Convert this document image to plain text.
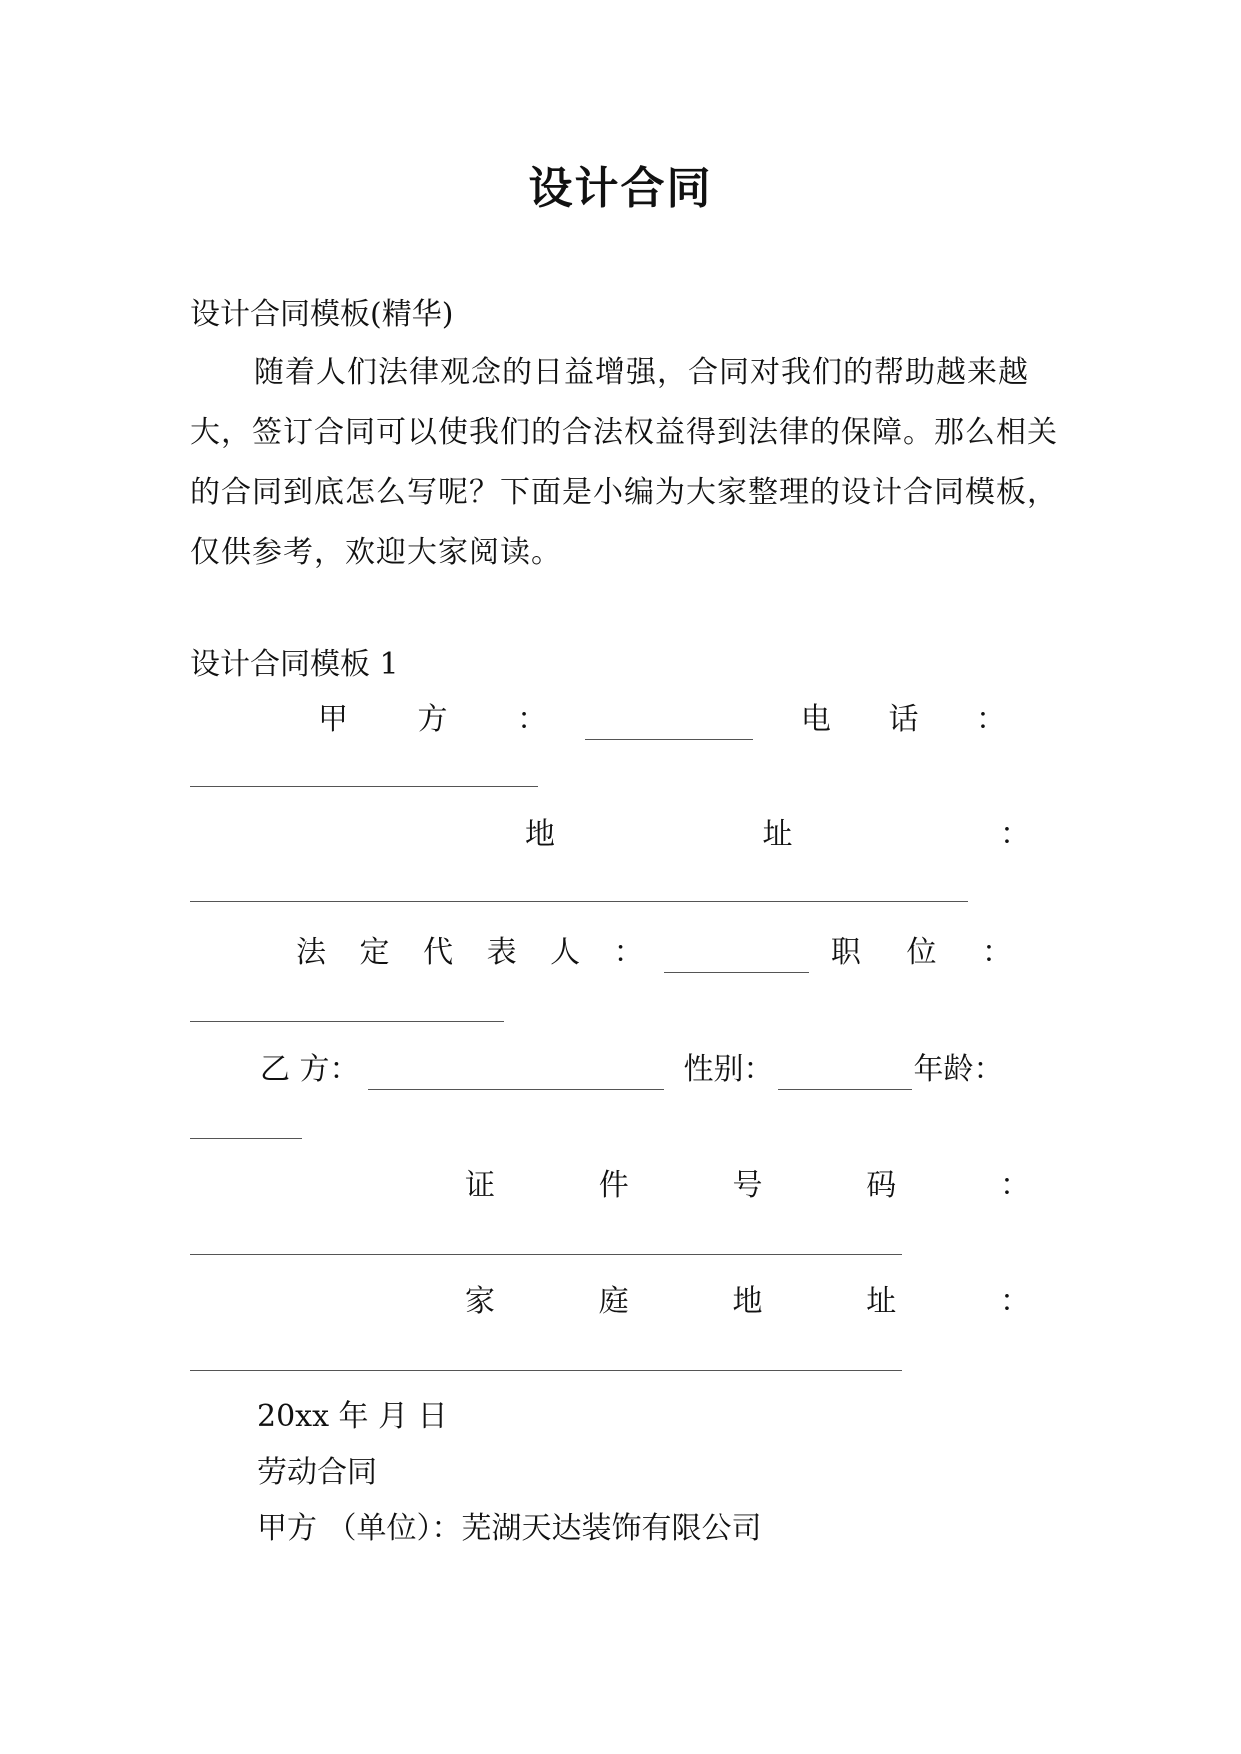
设计合同
设计合同模板(精华)
随着人们法律观念的日益增强，合同对我们的帮助越来越大，签订合同可以使我们的合法权益得到法律的保障。那么相关的合同到底怎么写呢？下面是小编为大家整理的设计合同模板，仅供参考，欢迎大家阅读。
设计合同模板 1
甲 方 ：	电 话 ：
地	址	：
法 定 代 表 人 ：	职 位 ：
乙 方：	性别：	年龄：
证	件	号	码	：
家	庭	地	址	：
20xx 年 月 日
劳动合同
甲方 （单位）：芜湖天达装饰有限公司
